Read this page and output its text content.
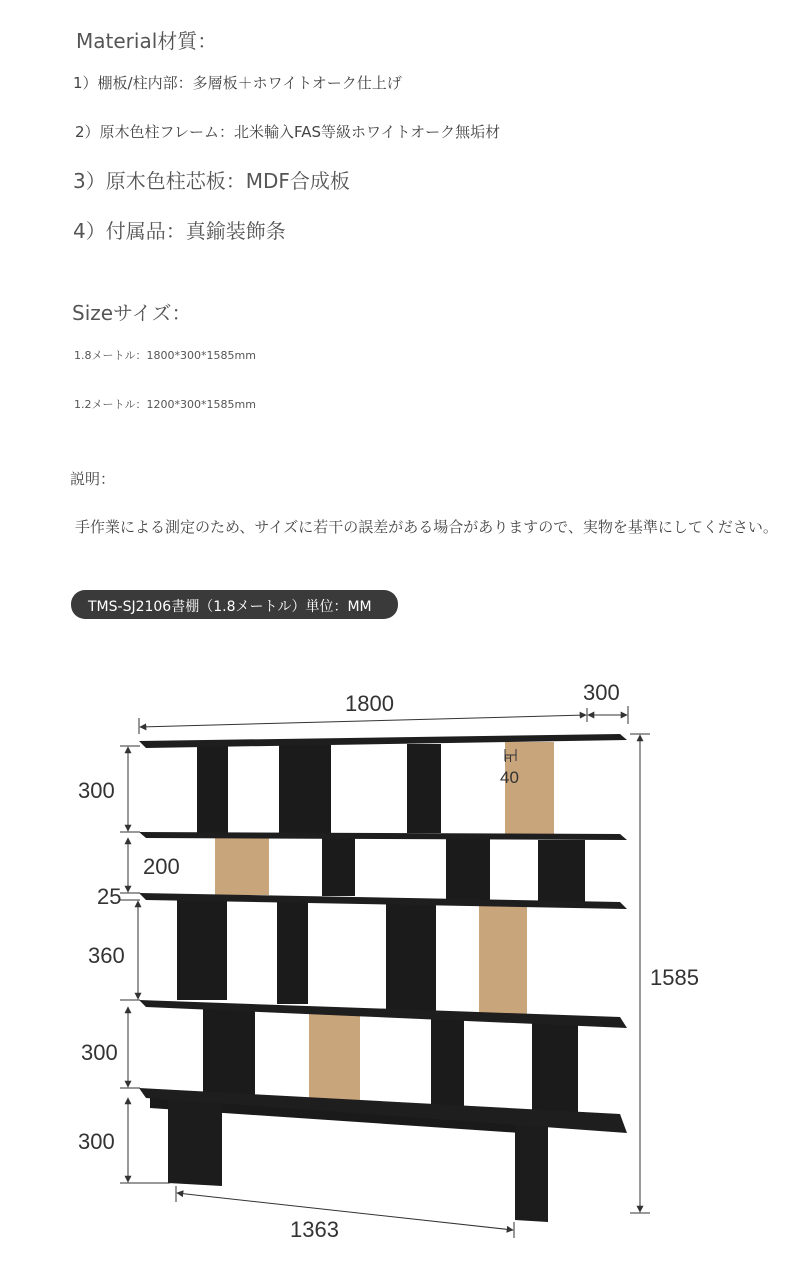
Material材質：

1）棚板/柱内部：多層板＋ホワイトオーク仕上げ

2）原木色柱フレーム：北米輸入FAS等級ホワイトオーク無垢材

3）原木色柱芯板：MDF合成板

4）付属品：真鍮装飾条

Sizeサイズ：

1.8メートル：1800*300*1585mm

1.2メートル：1200*300*1585mm

説明：

手作業による測定のため、サイズに若干の誤差がある場合がありますので、実物を基準にしてください。

TMS-SJ2106書棚（1.8メートル）単位：MM
1800	300
1585
300
200
25
360
300
300
1363
H
40
